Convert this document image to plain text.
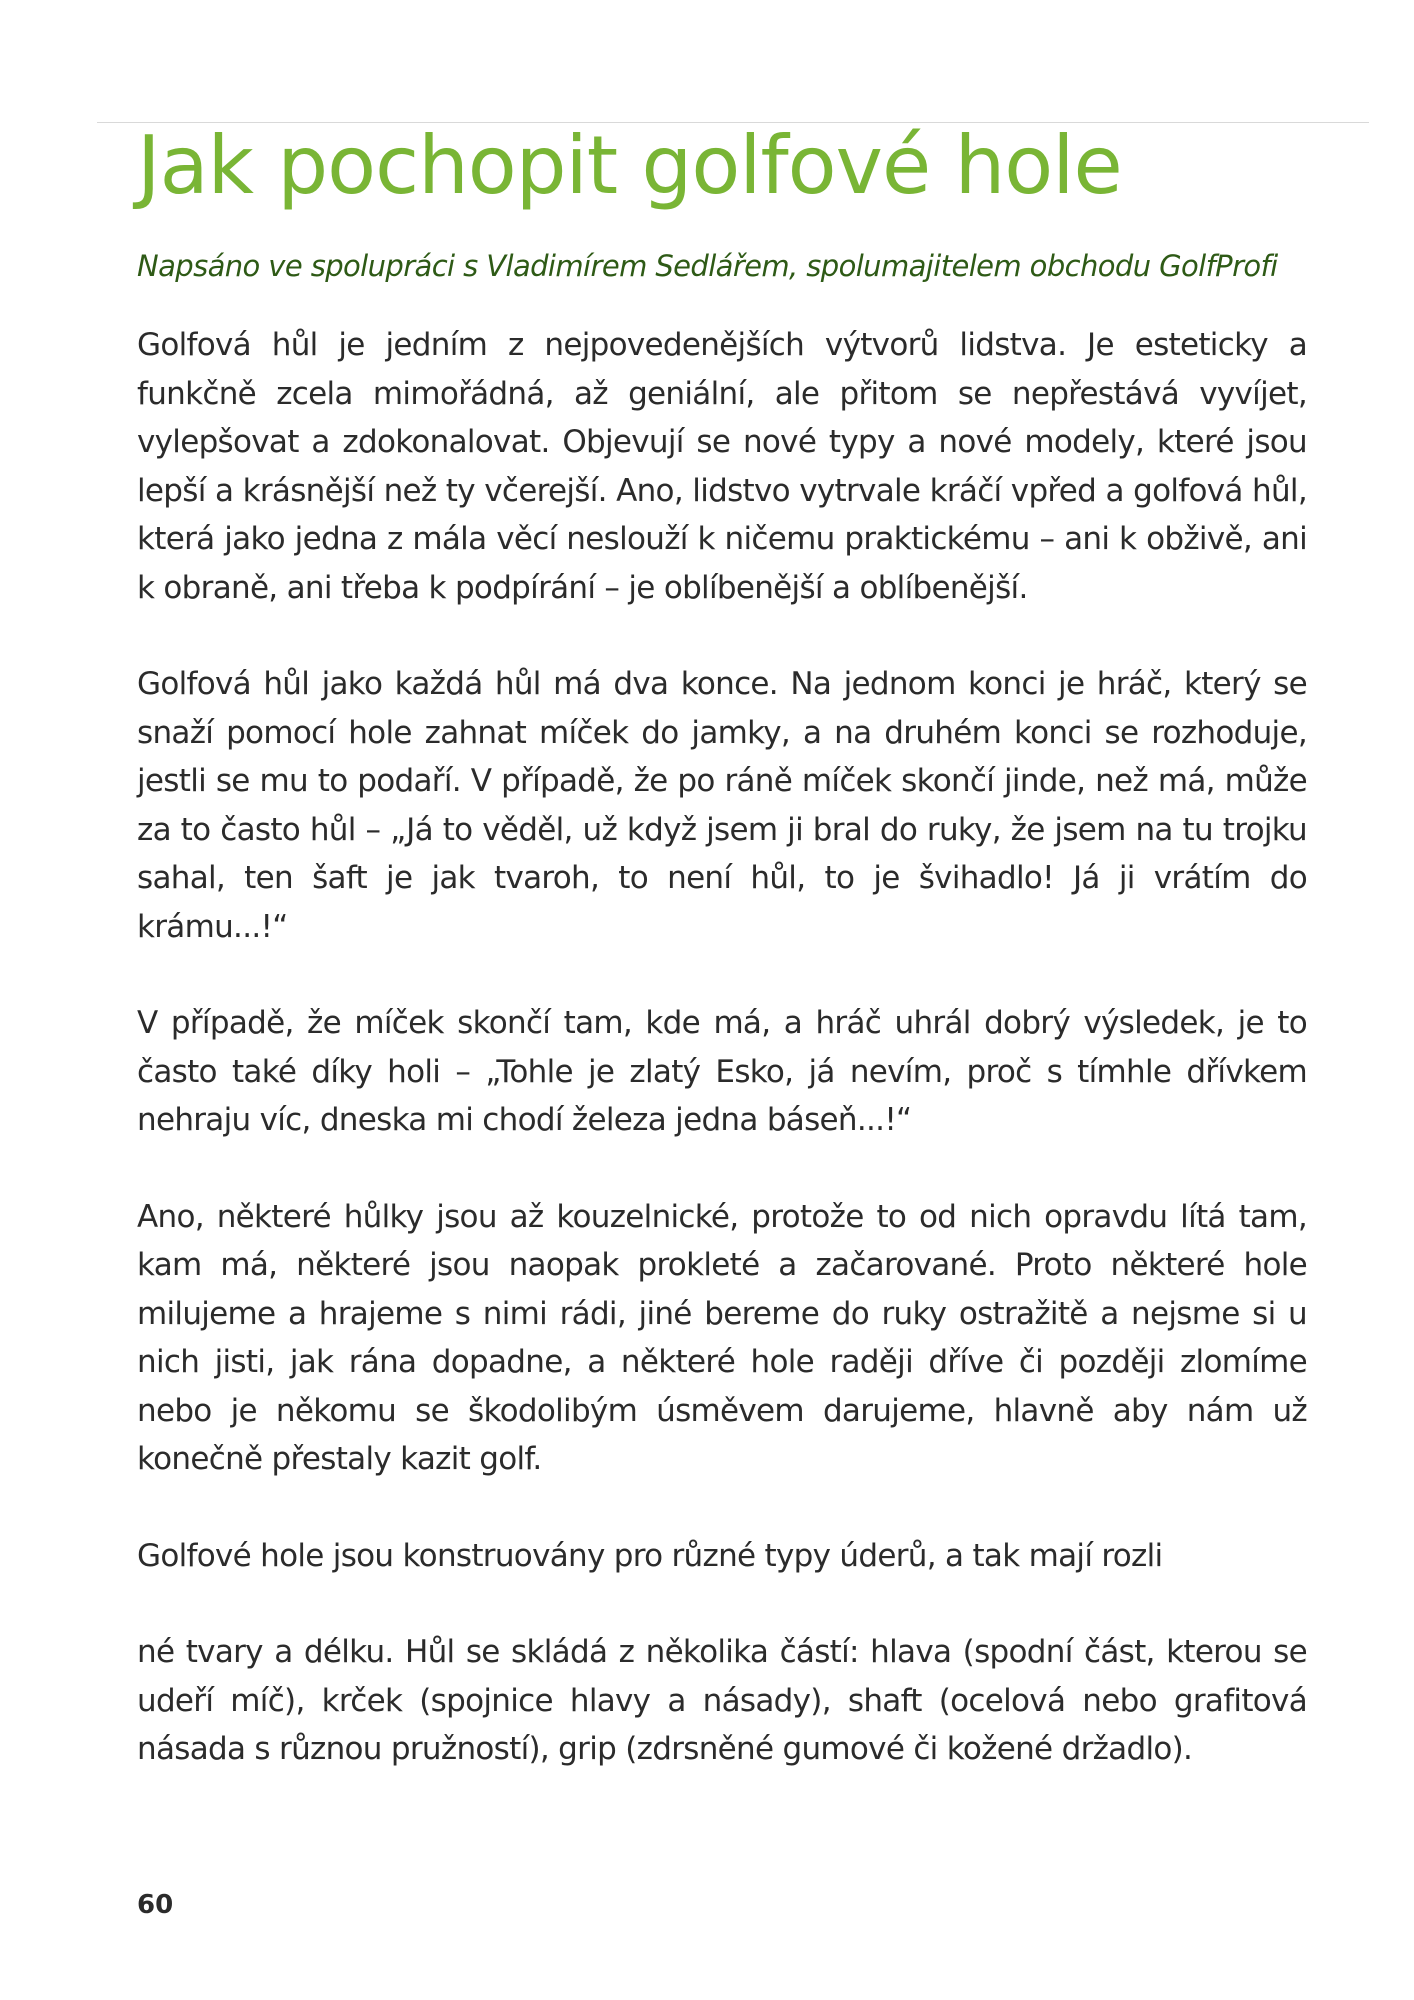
Jak pochopit golfové hole
Napsáno ve spolupráci s Vladimírem Sedlářem, spolumajitelem obchodu GolfProfi

Golfová hůl je jedním z nejpovedenějších výtvorů lidstva. Je esteticky a funkčně zcela mimořádná, až geniální, ale přitom se nepřestává vyvíjet, vylepšovat a zdokonalovat. Objevují se nové typy a nové modely, které jsou lepší a krásnější než ty včerejší. Ano, lidstvo vytrvale kráčí vpřed a golfová hůl, která jako jedna z mála věcí neslouží k ničemu praktickému – ani k obživě, ani k obraně, ani třeba k podpírání – je oblíbenější a oblíbenější.

Golfová hůl jako každá hůl má dva konce. Na jednom konci je hráč, který se snaží pomocí hole zahnat míček do jamky, a na druhém konci se rozhoduje, jestli se mu to podaří. V případě, že po ráně míček skončí jinde, než má, může za to často hůl – „Já to věděl, už když jsem ji bral do ruky, že jsem na tu trojku sahal, ten šaft je jak tvaroh, to není hůl, to je švihadlo! Já ji vrátím do krámu...!“

V případě, že míček skončí tam, kde má, a hráč uhrál dobrý výsledek, je to často také díky holi – „Tohle je zlatý Esko, já nevím, proč s tímhle dřívkem nehraju víc, dneska mi chodí železa jedna báseň...!“

Ano, některé hůlky jsou až kouzelnické, protože to od nich opravdu lítá tam, kam má, některé jsou naopak prokleté a začarované. Proto některé hole milujeme a hrajeme s nimi rádi, jiné bereme do ruky ostražitě a nejsme si u nich jisti, jak rána dopadne, a některé hole raději dříve či později zlomíme nebo je někomu se škodolibým úsměvem darujeme, hlavně aby nám už konečně přestaly kazit golf.

Golfové hole jsou konstruovány pro různé typy úderů, a tak mají rozli

né tvary a délku. Hůl se skládá z několika částí: hlava (spodní část, kterou se udeří míč), krček (spojnice hlavy a násady), shaft (ocelová nebo grafitová násada s různou pružností), grip (zdrsněné gumové či kožené držadlo).

60
